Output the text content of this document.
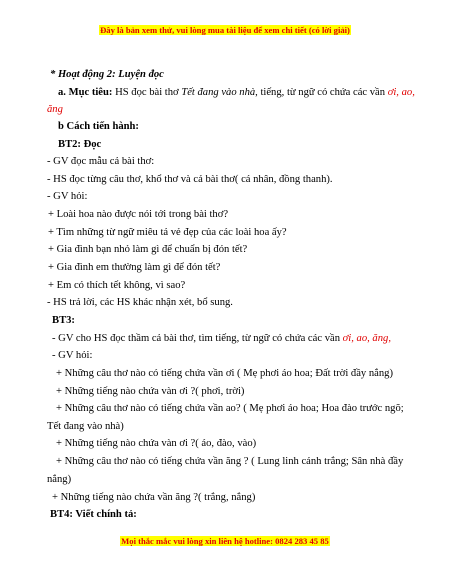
Đây là bản xem thử, vui lòng mua tài liệu để xem chi tiết (có lời giải)
* Hoạt động 2: Luyện đọc
a. Mục tiêu: HS đọc bài thơ Tết đang vào nhà, tiếng, từ ngữ có chứa các vần ơi, ao,
ăng
b Cách tiến hành:
BT2: Đọc
- GV đọc mẫu cả bài thơ:
- HS đọc từng câu thơ, khổ thơ và cả bài thơ( cá nhân, đồng thanh).
- GV hỏi:
+ Loài hoa nào được nói tới trong bài thơ?
+ Tìm những từ ngữ miêu tả vẻ đẹp của các loài hoa ấy?
+ Gia đình bạn nhỏ làm gì để chuẩn bị đón tết?
+ Gia đình em thường làm gì để đón tết?
+ Em có thích tết không, vì sao?
- HS trả lời, các HS khác nhận xét, bổ sung.
BT3:
- GV cho HS đọc thầm cả bài thơ, tìm tiếng, từ ngữ có chứa các vần ơi, ao, ăng,
- GV hỏi:
+ Những câu thơ nào có tiếng chứa vần ơi ( Mẹ phơi áo hoa; Đất trời đầy nắng)
+ Những tiếng nào chứa vàn ơi ?( phơi, trời)
+ Những câu thơ nào có tiếng chứa vần ao? ( Mẹ phơi áo hoa; Hoa đào trước ngõ;
Tết đang vào nhà)
+ Những tiếng nào chứa vàn ơi ?( áo, đào, vào)
+ Những câu thơ nào có tiếng chứa vần ăng ? ( Lung linh cánh trắng; Sân nhà đầy
nắng)
+ Những tiếng nào chứa vần ăng ?( trắng, nắng)
BT4: Viết chính tả:
Mọi thắc mắc vui lòng xin liên hệ hotline: 0824 283 45 85
